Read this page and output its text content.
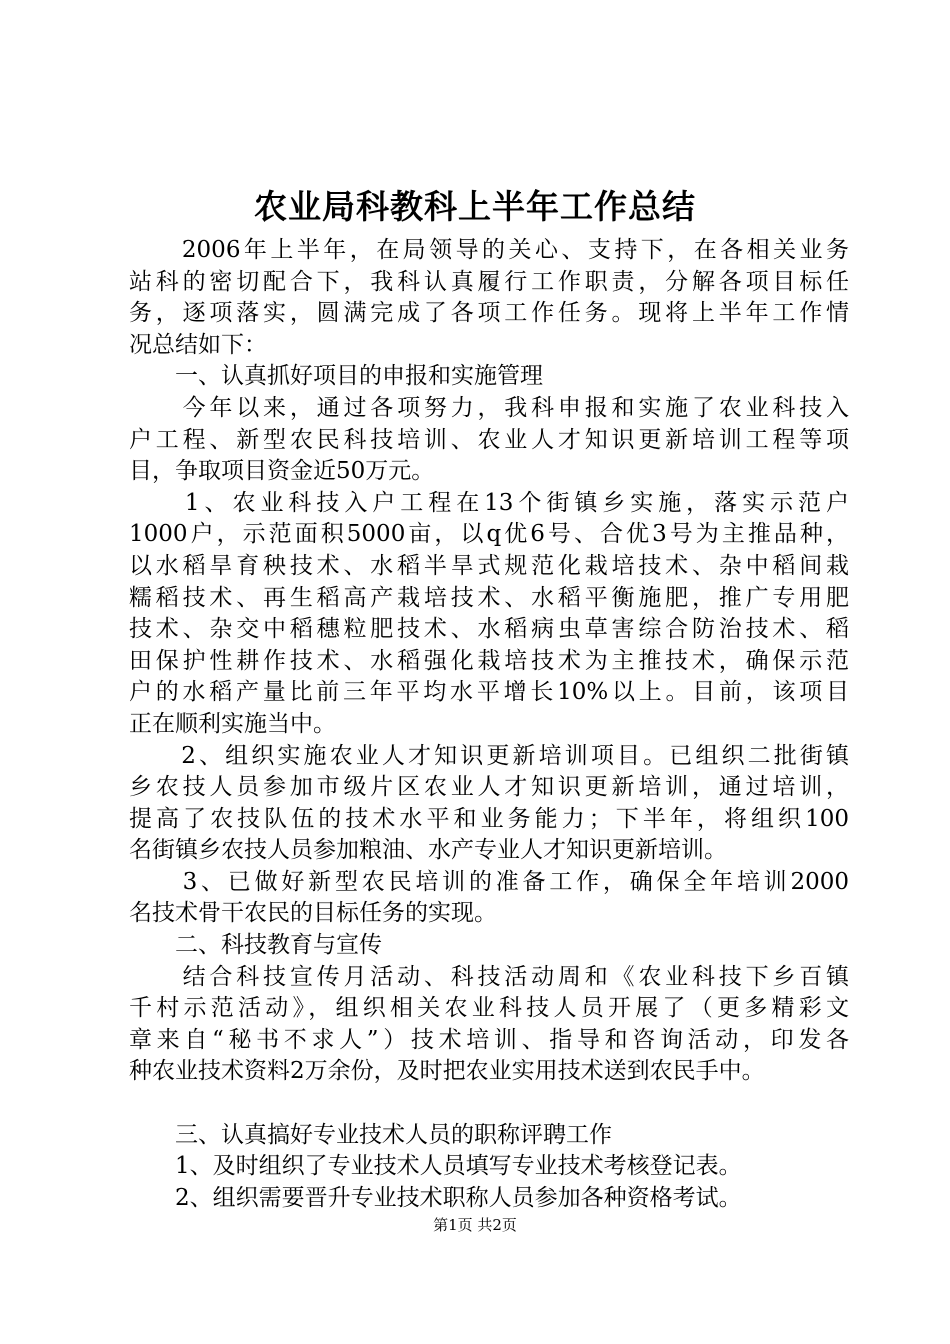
农业局科教科上半年工作总结
　　2006年上半年，在局领导的关心、支持下，在各相关业务
站科的密切配合下，我科认真履行工作职责，分解各项目标任
务，逐项落实，圆满完成了各项工作任务。现将上半年工作情
况总结如下：
　　一、认真抓好项目的申报和实施管理
　　今年以来，通过各项努力，我科申报和实施了农业科技入
户工程、新型农民科技培训、农业人才知识更新培训工程等项
目，争取项目资金近50万元。
　　1、农业科技入户工程在13个街镇乡实施，落实示范户
1000户，示范面积5000亩，以q优6号、合优3号为主推品种，
以水稻旱育秧技术、水稻半旱式规范化栽培技术、杂中稻间栽
糯稻技术、再生稻高产栽培技术、水稻平衡施肥，推广专用肥
技术、杂交中稻穗粒肥技术、水稻病虫草害综合防治技术、稻
田保护性耕作技术、水稻强化栽培技术为主推技术，确保示范
户的水稻产量比前三年平均水平增长10%以上。目前，该项目
正在顺利实施当中。
　　2、组织实施农业人才知识更新培训项目。已组织二批街镇
乡农技人员参加市级片区农业人才知识更新培训，通过培训，
提高了农技队伍的技术水平和业务能力；下半年，将组织100
名街镇乡农技人员参加粮油、水产专业人才知识更新培训。
　　3、已做好新型农民培训的准备工作，确保全年培训2000
名技术骨干农民的目标任务的实现。
　　二、科技教育与宣传
　　结合科技宣传月活动、科技活动周和《农业科技下乡百镇
千村示范活动》，组织相关农业科技人员开展了（更多精彩文
章来自“秘书不求人”）技术培训、指导和咨询活动，印发各
种农业技术资料2万余份，及时把农业实用技术送到农民手中。
　　三、认真搞好专业技术人员的职称评聘工作
　　1、及时组织了专业技术人员填写专业技术考核登记表。
　　2、组织需要晋升专业技术职称人员参加各种资格考试。
第1页 共2页
